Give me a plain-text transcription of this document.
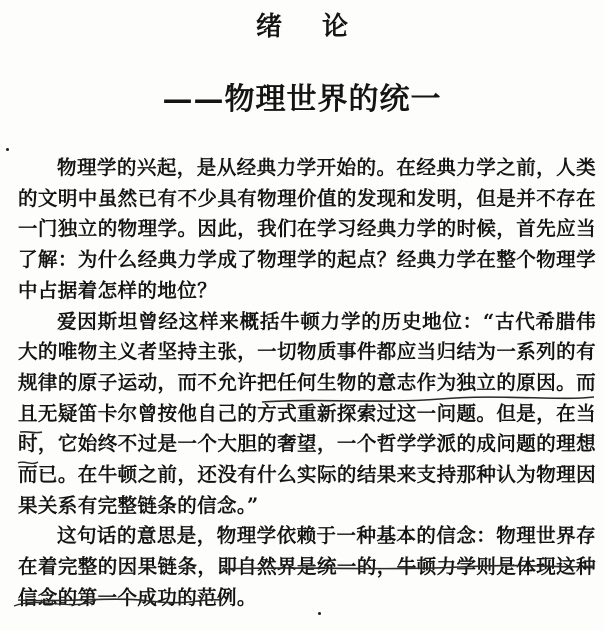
绪论
——物理世界的统一

物理学的兴起，是从经典力学开始的。在经典力学之前，人类的文明中虽然已有不少具有物理价值的发现和发明，但是并不存在一门独立的物理学。因此，我们在学习经典力学的时候，首先应当了解：为什么经典力学成了物理学的起点？经典力学在整个物理学中占据着怎样的地位？

爱因斯坦曾经这样来概括牛顿力学的历史地位：“古代希腊伟大的唯物主义者坚持主张，一切物质事件都应当归结为一系列的有规律的原子运动，而不允许把任何生物的意志作为独立的原因。而且无疑笛卡尔曾按他自己的方式重新探索过这一问题。但是，在当时，它始终不过是一个大胆的奢望，一个哲学学派的成问题的理想而已。在牛顿之前，还没有什么实际的结果来支持那种认为物理因果关系有完整链条的信念。”

这句话的意思是，物理学依赖于一种基本的信念：物理世界存在着完整的因果链条，即自然界是统一的，牛顿力学则是体现这种信念的第一个成功的范例。
